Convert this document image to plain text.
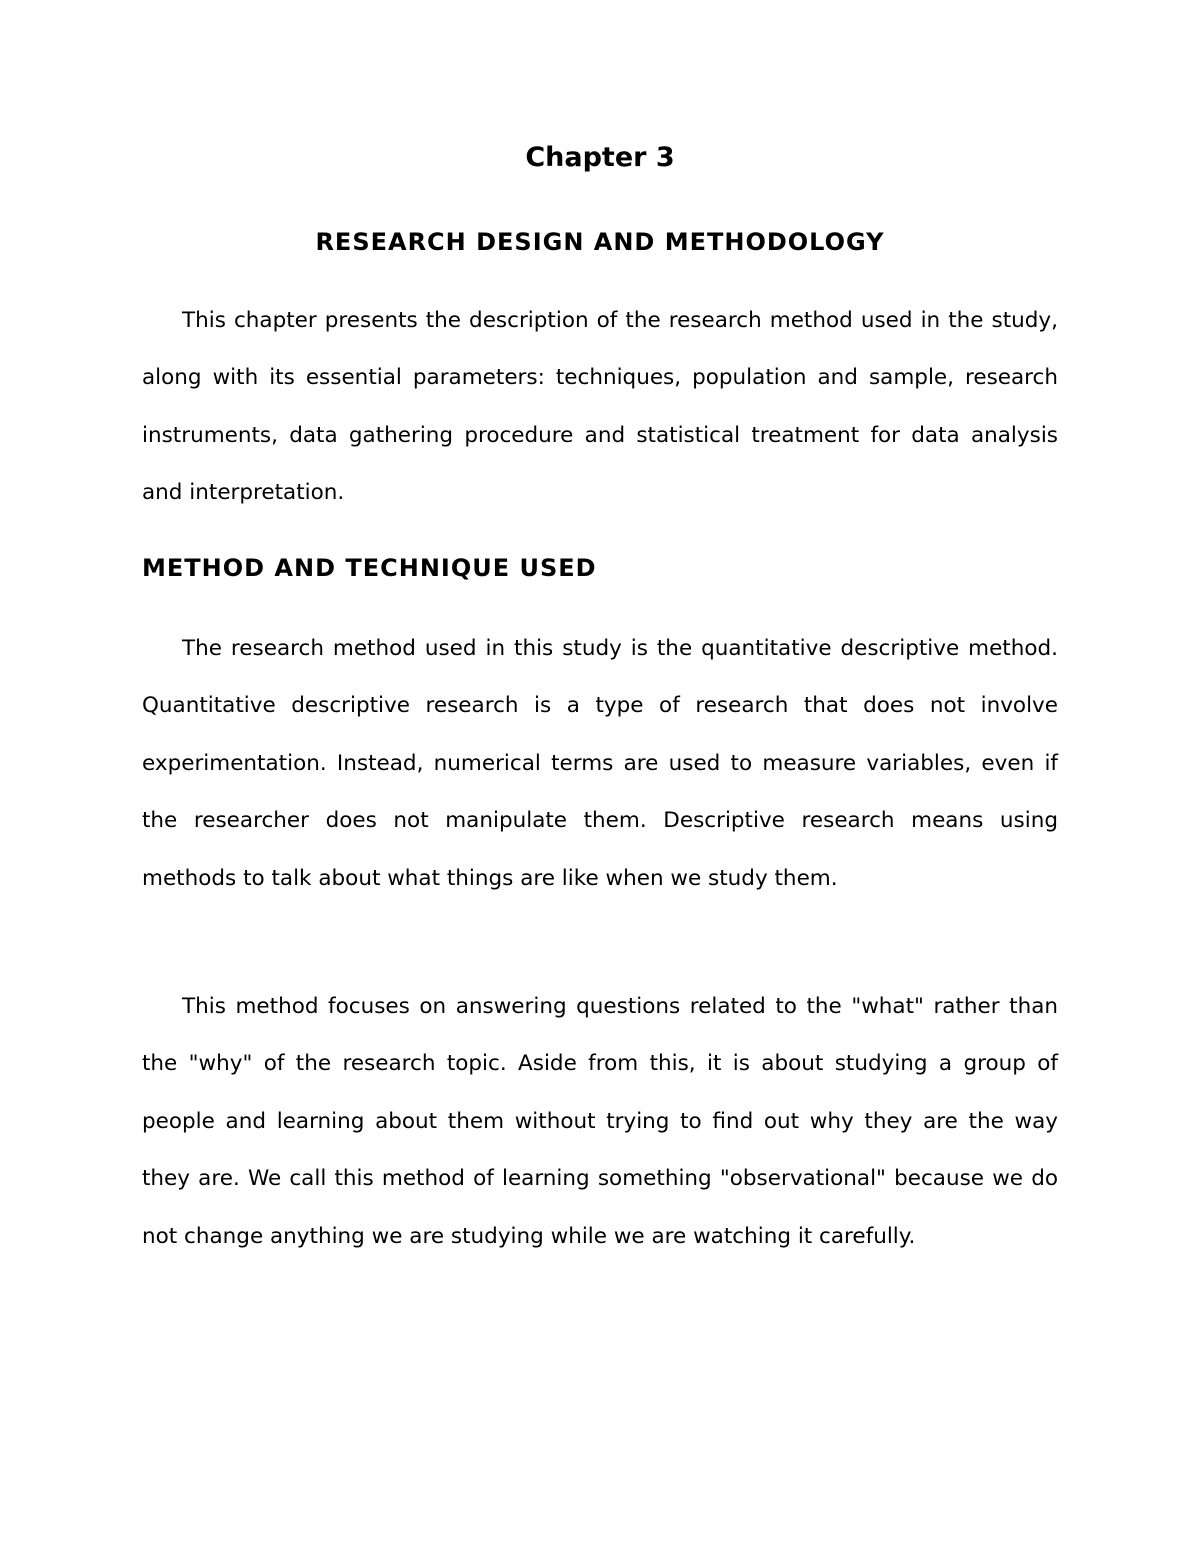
Chapter 3
RESEARCH DESIGN AND METHODOLOGY

This chapter presents the description of the research method used in the study, along with its essential parameters: techniques, population and sample, research instruments, data gathering procedure and statistical treatment for data analysis and interpretation.

METHOD AND TECHNIQUE USED

The research method used in this study is the quantitative descriptive method. Quantitative descriptive research is a type of research that does not involve experimentation. Instead, numerical terms are used to measure variables, even if the researcher does not manipulate them. Descriptive research means using methods to talk about what things are like when we study them.

This method focuses on answering questions related to the "what" rather than the "why" of the research topic. Aside from this, it is about studying a group of people and learning about them without trying to find out why they are the way they are. We call this method of learning something "observational" because we do not change anything we are studying while we are watching it carefully.
